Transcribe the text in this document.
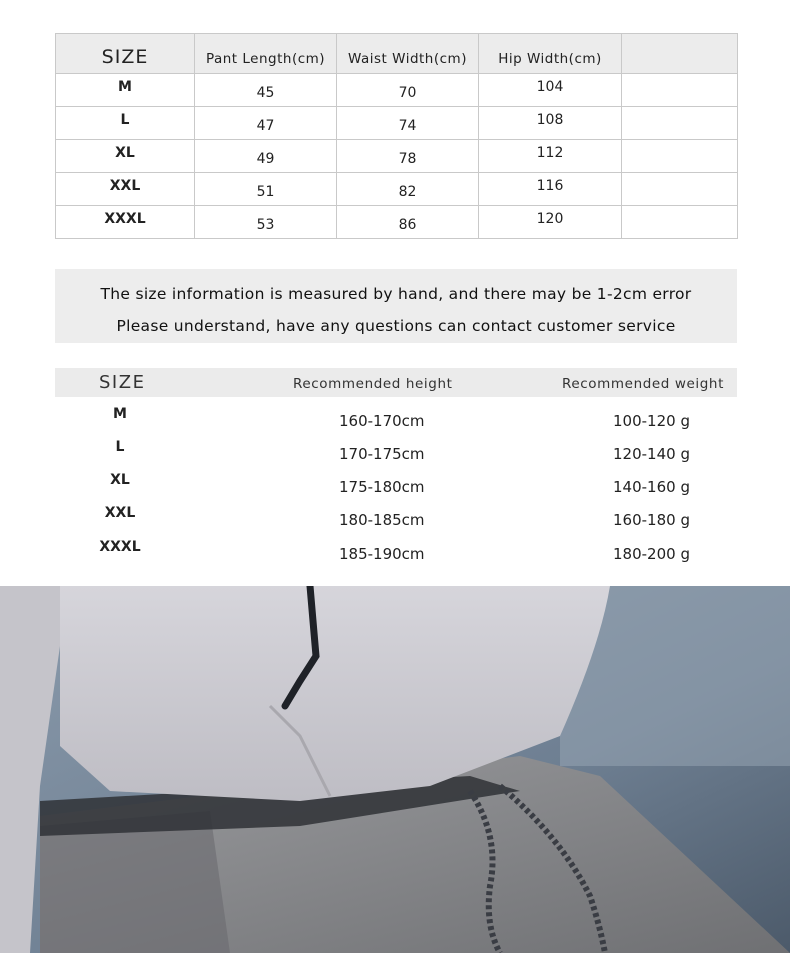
SIZE	Pant Length(cm)	Waist Width(cm)	Hip Width(cm)	
M	45	70	104	
L	47	74	108	
XL	49	78	112	
XXL	51	82	116	
XXXL	53	86	120	

The size information is measured by hand, and there may be 1-2cm error

Please understand, have any questions can contact customer service

SIZE	Recommended height	Recommended weight
M	160-170cm	100-120 g
L	170-175cm	120-140 g
XL	175-180cm	140-160 g
XXL	180-185cm	160-180 g
XXXL	185-190cm	180-200 g
